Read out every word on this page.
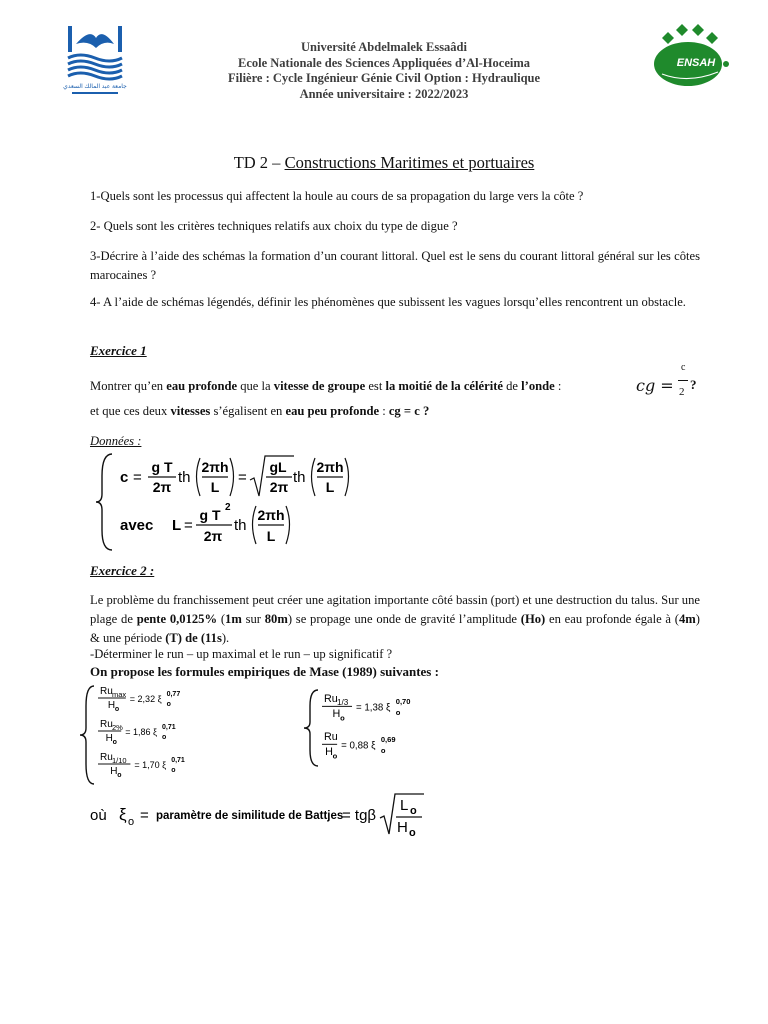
جامعة عبد المالك السعدي
Université Abdelmalek Essaâdi
Ecole Nationale des Sciences Appliquées d’Al-Hoceima
Filière : Cycle Ingénieur Génie Civil Option : Hydraulique
Année universitaire : 2022/2023
ENSAH
TD 2 – Constructions Maritimes et portuaires
1-Quels sont les processus qui affectent la houle au cours de sa propagation du large vers la côte ?
2- Quels sont les critères techniques relatifs aux choix du type de digue ?
3-Décrire à l’aide des schémas la formation d’un courant littoral. Quel est le sens du courant littoral général sur les côtes marocaines ?
4- A l’aide de schémas légendés, définir les phénomènes que subissent les vagues lorsqu’elles rencontrent un obstacle.
Exercice 1
Montrer qu’en eau profonde que la vitesse de groupe est la moitié de la célérité de l’onde :	cg =
c
2 ?
et que ces deux vitesses s’égalisent en eau peu profonde : cg = c ?
Données :
c =
g T
2π
th
2πh
L
=
gL
2π
th
2πh
L
avec L =
g T 2
2π
th
2πh
L
Exercice 2 :
Le problème du franchissement peut créer une agitation importante côté bassin (port) et une destruction du talus. Sur une plage de pente 0,0125% (1m sur 80m) se propage une onde de gravité l’amplitude (Ho) en eau profonde égale à (4m) & une période (T) de (11s).
-Déterminer le run – up maximal et le run – up significatif ?
On propose les formules empiriques de Mase (1989) suivantes :
Ru max
H o
= 2,32 ξ
o
0,77
Ru 2%
H o
= 1,86 ξ
o
0,71
Ru 1/10
H o
= 1,70 ξ
o
0,71
Ru 1/3
H o
= 1,38 ξ o
0,70
Ru
H o
= 0,88 ξ o
0,69
où ξ o = paramètre de similitude de Battjes
= tgβ
L o
H o
